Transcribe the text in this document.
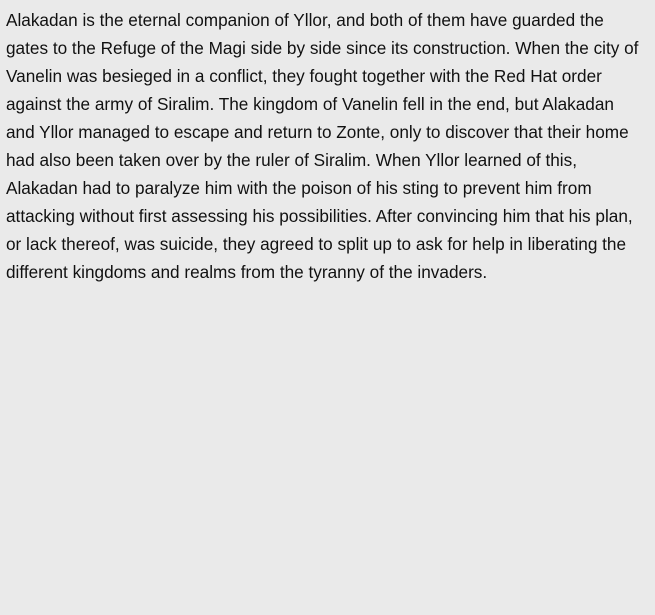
Alakadan is the eternal companion of Yllor, and both of them have guarded the gates to the Refuge of the Magi side by side since its construction. When the city of Vanelin was besieged in a conflict, they fought together with the Red Hat order against the army of Siralim. The kingdom of Vanelin fell in the end, but Alakadan and Yllor managed to escape and return to Zonte, only to discover that their home had also been taken over by the ruler of Siralim. When Yllor learned of this, Alakadan had to paralyze him with the poison of his sting to prevent him from attacking without first assessing his possibilities. After convincing him that his plan, or lack thereof, was suicide, they agreed to split up to ask for help in liberating the different kingdoms and realms from the tyranny of the invaders.
